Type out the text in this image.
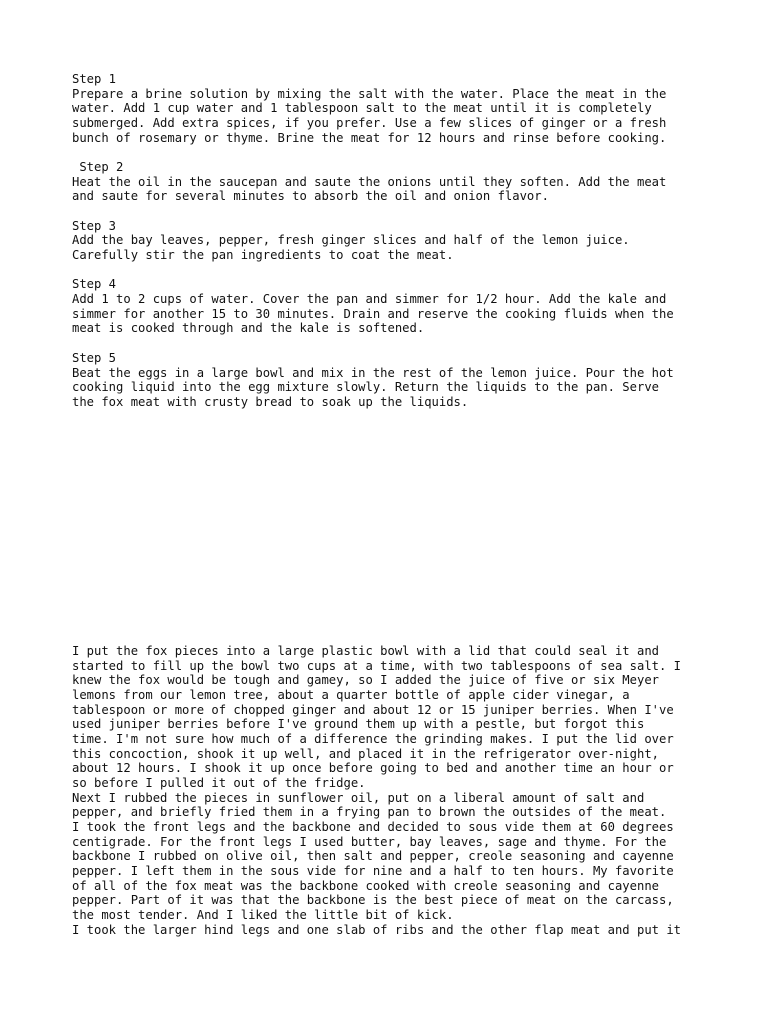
Step 1
Prepare a brine solution by mixing the salt with the water. Place the meat in the
water. Add 1 cup water and 1 tablespoon salt to the meat until it is completely
submerged. Add extra spices, if you prefer. Use a few slices of ginger or a fresh
bunch of rosemary or thyme. Brine the meat for 12 hours and rinse before cooking.
Step 2
Heat the oil in the saucepan and saute the onions until they soften. Add the meat
and saute for several minutes to absorb the oil and onion flavor.
Step 3
Add the bay leaves, pepper, fresh ginger slices and half of the lemon juice.
Carefully stir the pan ingredients to coat the meat.
Step 4
Add 1 to 2 cups of water. Cover the pan and simmer for 1/2 hour. Add the kale and
simmer for another 15 to 30 minutes. Drain and reserve the cooking fluids when the
meat is cooked through and the kale is softened.
Step 5
Beat the eggs in a large bowl and mix in the rest of the lemon juice. Pour the hot
cooking liquid into the egg mixture slowly. Return the liquids to the pan. Serve
the fox meat with crusty bread to soak up the liquids.
I put the fox pieces into a large plastic bowl with a lid that could seal it and
started to fill up the bowl two cups at a time, with two tablespoons of sea salt. I
knew the fox would be tough and gamey, so I added the juice of five or six Meyer
lemons from our lemon tree, about a quarter bottle of apple cider vinegar, a
tablespoon or more of chopped ginger and about 12 or 15 juniper berries. When I've
used juniper berries before I've ground them up with a pestle, but forgot this
time. I'm not sure how much of a difference the grinding makes. I put the lid over
this concoction, shook it up well, and placed it in the refrigerator over-night,
about 12 hours. I shook it up once before going to bed and another time an hour or
so before I pulled it out of the fridge.
Next I rubbed the pieces in sunflower oil, put on a liberal amount of salt and
pepper, and briefly fried them in a frying pan to brown the outsides of the meat.
I took the front legs and the backbone and decided to sous vide them at 60 degrees
centigrade. For the front legs I used butter, bay leaves, sage and thyme. For the
backbone I rubbed on olive oil, then salt and pepper, creole seasoning and cayenne
pepper. I left them in the sous vide for nine and a half to ten hours. My favorite
of all of the fox meat was the backbone cooked with creole seasoning and cayenne
pepper. Part of it was that the backbone is the best piece of meat on the carcass,
the most tender. And I liked the little bit of kick.
I took the larger hind legs and one slab of ribs and the other flap meat and put it
